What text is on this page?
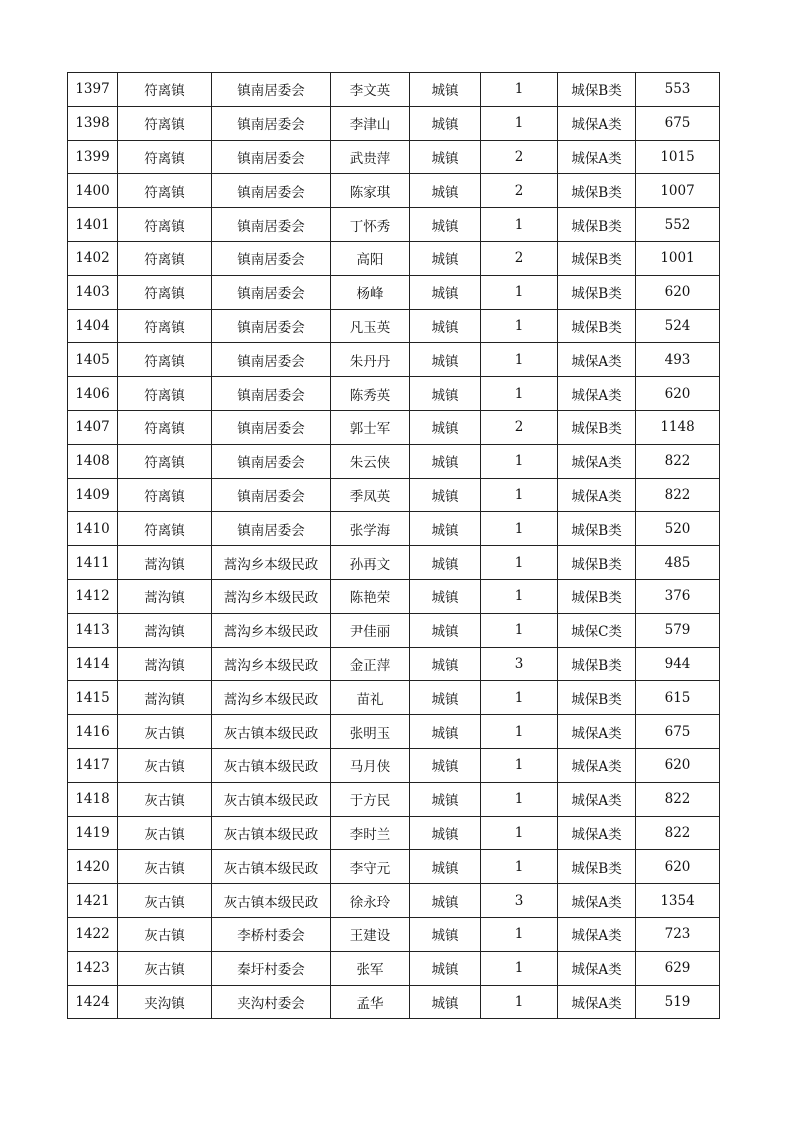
1397	符离镇	镇南居委会	李文英	城镇	1	城保B类	553
1398	符离镇	镇南居委会	李津山	城镇	1	城保A类	675
1399	符离镇	镇南居委会	武贵萍	城镇	2	城保A类	1015
1400	符离镇	镇南居委会	陈家琪	城镇	2	城保B类	1007
1401	符离镇	镇南居委会	丁怀秀	城镇	1	城保B类	552
1402	符离镇	镇南居委会	高阳	城镇	2	城保B类	1001
1403	符离镇	镇南居委会	杨峰	城镇	1	城保B类	620
1404	符离镇	镇南居委会	凡玉英	城镇	1	城保B类	524
1405	符离镇	镇南居委会	朱丹丹	城镇	1	城保A类	493
1406	符离镇	镇南居委会	陈秀英	城镇	1	城保A类	620
1407	符离镇	镇南居委会	郭士军	城镇	2	城保B类	1148
1408	符离镇	镇南居委会	朱云侠	城镇	1	城保A类	822
1409	符离镇	镇南居委会	季凤英	城镇	1	城保A类	822
1410	符离镇	镇南居委会	张学海	城镇	1	城保B类	520
1411	蒿沟镇	蒿沟乡本级民政	孙再文	城镇	1	城保B类	485
1412	蒿沟镇	蒿沟乡本级民政	陈艳荣	城镇	1	城保B类	376
1413	蒿沟镇	蒿沟乡本级民政	尹佳丽	城镇	1	城保C类	579
1414	蒿沟镇	蒿沟乡本级民政	金正萍	城镇	3	城保B类	944
1415	蒿沟镇	蒿沟乡本级民政	苗礼	城镇	1	城保B类	615
1416	灰古镇	灰古镇本级民政	张明玉	城镇	1	城保A类	675
1417	灰古镇	灰古镇本级民政	马月侠	城镇	1	城保A类	620
1418	灰古镇	灰古镇本级民政	于方民	城镇	1	城保A类	822
1419	灰古镇	灰古镇本级民政	李时兰	城镇	1	城保A类	822
1420	灰古镇	灰古镇本级民政	李守元	城镇	1	城保B类	620
1421	灰古镇	灰古镇本级民政	徐永玲	城镇	3	城保A类	1354
1422	灰古镇	李桥村委会	王建设	城镇	1	城保A类	723
1423	灰古镇	秦圩村委会	张军	城镇	1	城保A类	629
1424	夹沟镇	夹沟村委会	孟华	城镇	1	城保A类	519
